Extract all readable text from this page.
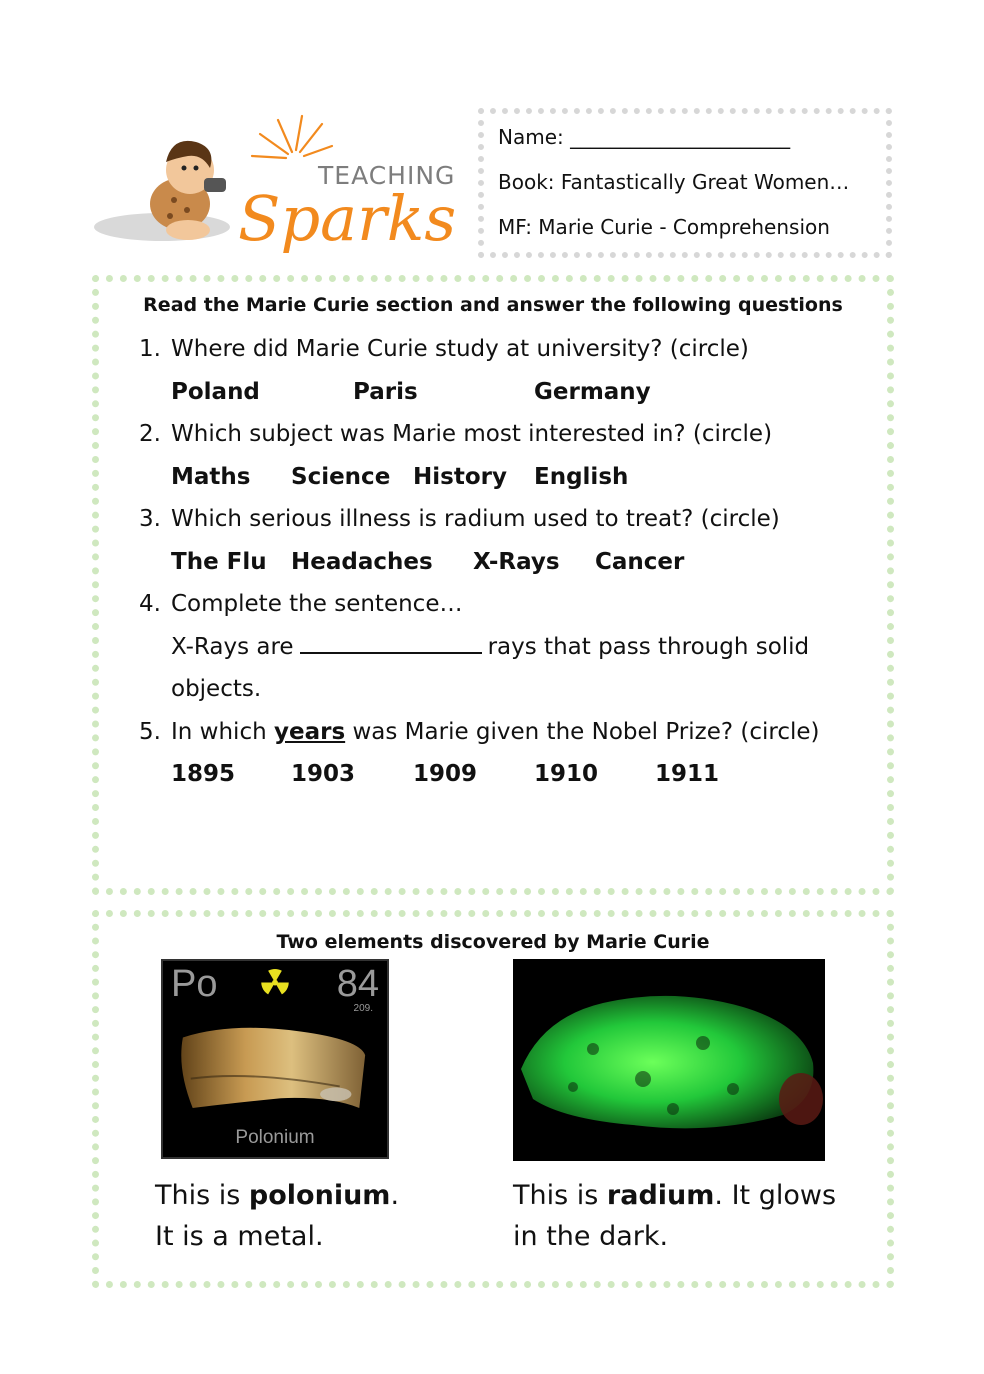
TEACHING
Sparks
Name: ______________________
Book: Fantastically Great Women…
MF: Marie Curie - Comprehension
Read the Marie Curie section and answer the following questions
1. Where did Marie Curie study at university? (circle)
Poland	Paris	Germany
2. Which subject was Marie most interested in? (circle)
Maths Science History English
3. Which serious illness is radium used to treat? (circle)
The Flu Headaches X-Rays Cancer
4. Complete the sentence…
X-Rays are	rays that pass through solid
objects.
5. In which years was Marie given the Nobel Prize? (circle)
1895 1903	1909 1910 1911
Two elements discovered by Marie Curie
Po	84
209.
Polonium
This is polonium.
It is a metal.
This is radium. It glows
in the dark.
